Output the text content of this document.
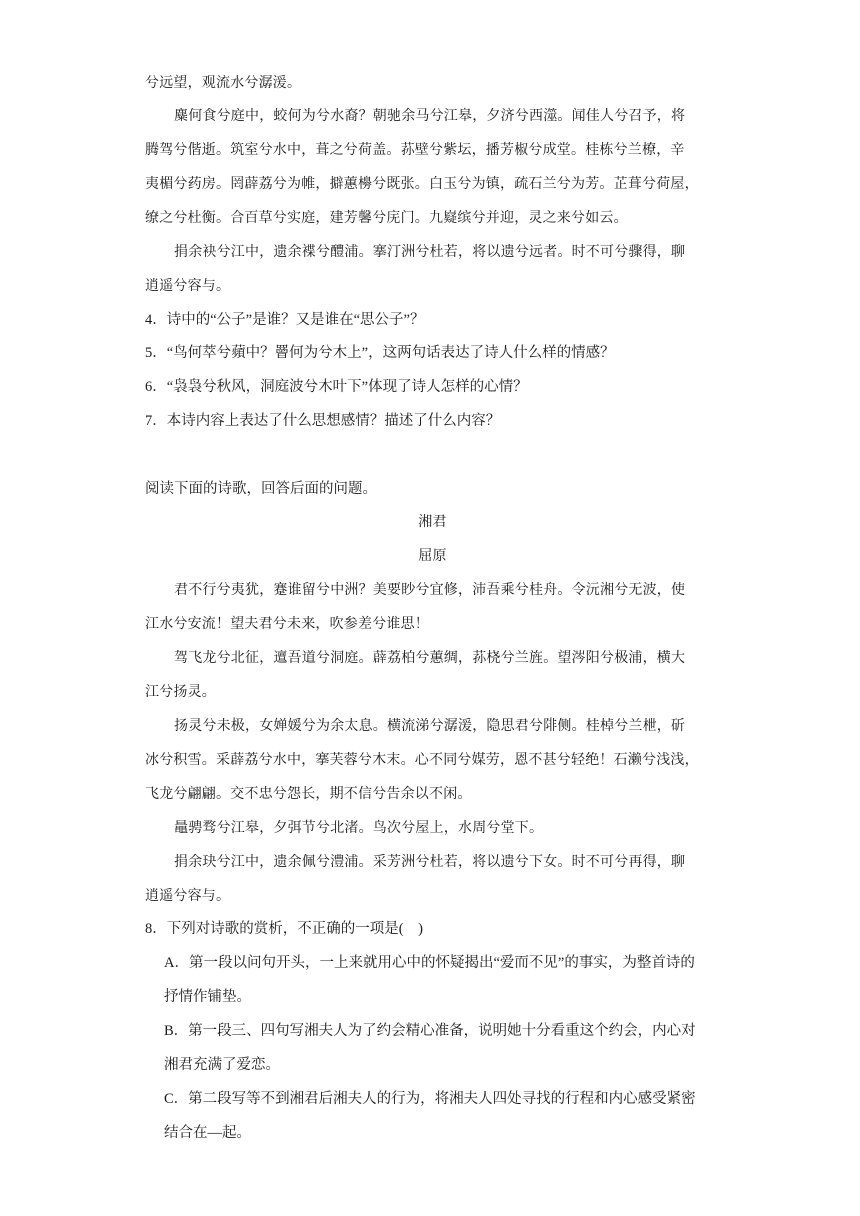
兮远望，观流水兮潺湲。
麋何食兮庭中，蛟何为兮水裔？朝驰余马兮江皋，夕济兮西澨。闻佳人兮召予，将
腾驾兮偕逝。筑室兮水中，葺之兮荷盖。荪壁兮紫坛，播芳椒兮成堂。桂栋兮兰橑，辛
夷楣兮药房。罔薜荔兮为帷，擗蕙櫋兮既张。白玉兮为镇，疏石兰兮为芳。芷葺兮荷屋，
缭之兮杜衡。合百草兮实庭，建芳馨兮庑门。九嶷缤兮并迎，灵之来兮如云。
捐余袂兮江中，遗余褋兮醴浦。搴汀洲兮杜若，将以遗兮远者。时不可兮骤得，聊
逍遥兮容与。
4．诗中的“公子”是谁？又是谁在“思公子”？
5．“鸟何萃兮蘋中？罾何为兮木上”，这两句话表达了诗人什么样的情感？
6．“袅袅兮秋风，洞庭波兮木叶下”体现了诗人怎样的心情？
7．本诗内容上表达了什么思想感情？描述了什么内容？
阅读下面的诗歌，回答后面的问题。
湘君
屈原
君不行兮夷犹，蹇谁留兮中洲？美要眇兮宜修，沛吾乘兮桂舟。令沅湘兮无波，使
江水兮安流！望夫君兮未来，吹参差兮谁思！
驾飞龙兮北征，邅吾道兮洞庭。薜荔柏兮蕙绸，荪桡兮兰旌。望涔阳兮极浦，横大
江兮扬灵。
扬灵兮未极，女婵媛兮为余太息。横流涕兮潺湲，隐思君兮陫侧。桂棹兮兰枻，斫
冰兮积雪。采薜荔兮水中，搴芙蓉兮木末。心不同兮媒劳，恩不甚兮轻绝！石濑兮浅浅，
飞龙兮翩翩。交不忠兮怨长，期不信兮告余以不闲。
鼂骋骛兮江皋，夕弭节兮北渚。鸟次兮屋上，水周兮堂下。
捐余玦兮江中，遗余佩兮澧浦。采芳洲兮杜若，将以遗兮下女。时不可兮再得，聊
逍遥兮容与。
8．下列对诗歌的赏析，不正确的一项是(　)
A．第一段以问句开头，一上来就用心中的怀疑揭出“爱而不见”的事实，为整首诗的
抒情作铺垫。
B．第一段三、四句写湘夫人为了约会精心准备，说明她十分看重这个约会，内心对
湘君充满了爱恋。
C．第二段写等不到湘君后湘夫人的行为，将湘夫人四处寻找的行程和内心感受紧密
结合在—起。
